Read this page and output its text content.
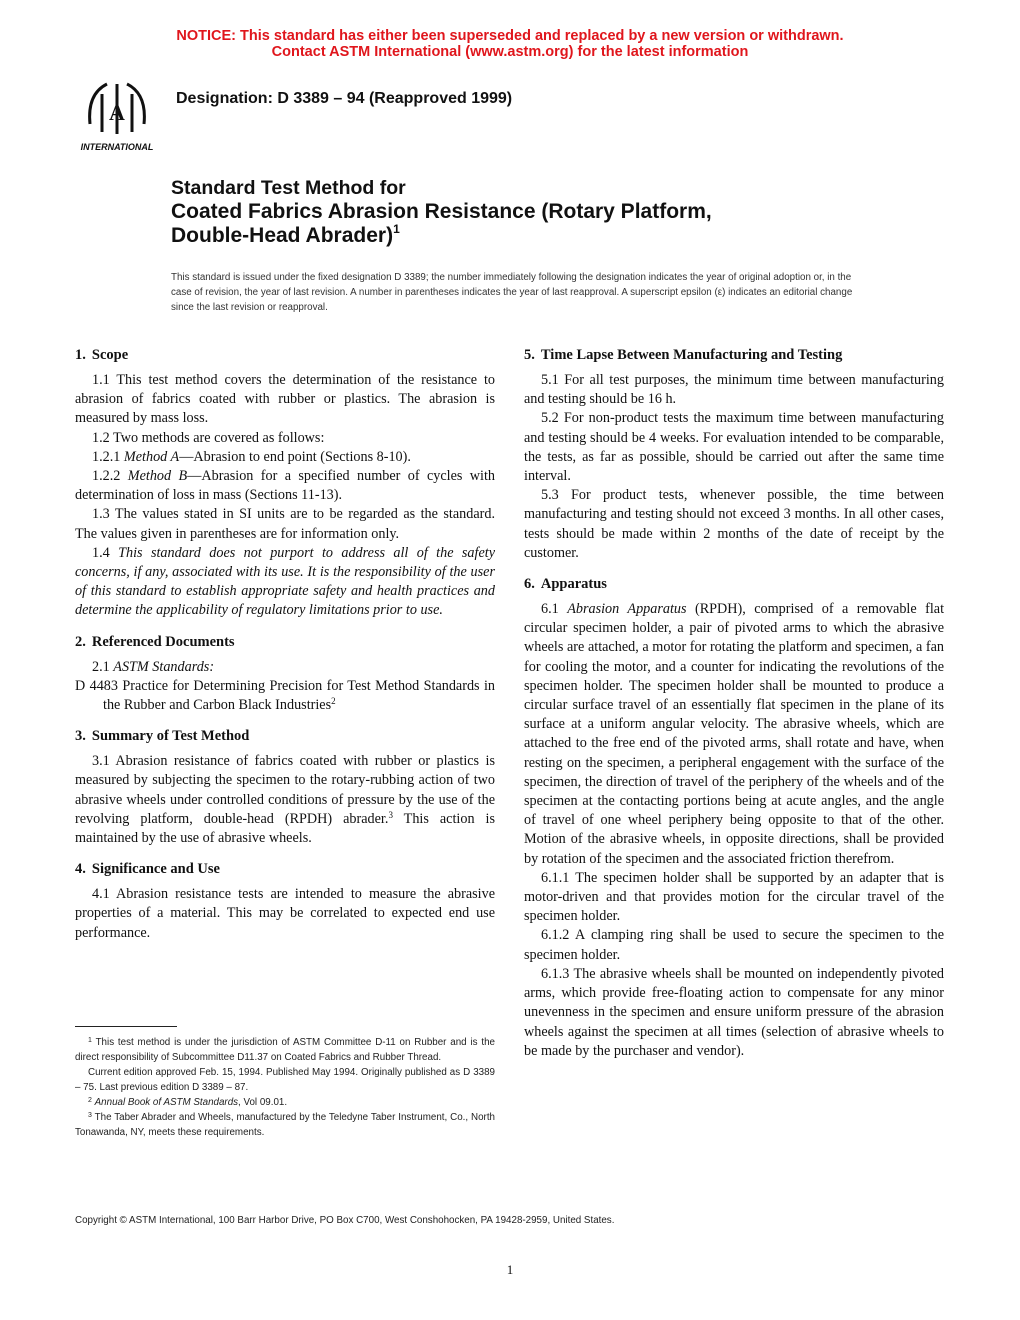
NOTICE: This standard has either been superseded and replaced by a new version or withdrawn.
Contact ASTM International (www.astm.org) for the latest information
A
INTERNATIONAL
Designation: D 3389 – 94 (Reapproved 1999)
Standard Test Method for
Coated Fabrics Abrasion Resistance (Rotary Platform,
Double-Head Abrader)$^1$
This standard is issued under the fixed designation D 3389; the number immediately following the designation indicates the year of original adoption or, in the case of revision, the year of last revision. A number in parentheses indicates the year of last reapproval. A superscript epsilon (ε) indicates an editorial change since the last revision or reapproval.
1. Scope

1.1 This test method covers the determination of the resistance to abrasion of fabrics coated with rubber or plastics. The abrasion is measured by mass loss.

1.2 Two methods are covered as follows:

1.2.1 Method A—Abrasion to end point (Sections 8-10).

1.2.2 Method B—Abrasion for a specified number of cycles with determination of loss in mass (Sections 11-13).

1.3 The values stated in SI units are to be regarded as the standard. The values given in parentheses are for information only.

1.4 This standard does not purport to address all of the safety concerns, if any, associated with its use. It is the responsibility of the user of this standard to establish appropriate safety and health practices and determine the applicability of regulatory limitations prior to use.

2. Referenced Documents

2.1 ASTM Standards:

D 4483 Practice for Determining Precision for Test Method Standards in the Rubber and Carbon Black Industries$^2$

3. Summary of Test Method

3.1 Abrasion resistance of fabrics coated with rubber or plastics is measured by subjecting the specimen to the rotary-rubbing action of two abrasive wheels under controlled conditions of pressure by the use of the revolving platform, double-head (RPDH) abrader.$^3$ This action is maintained by the use of abrasive wheels.

4. Significance and Use

4.1 Abrasion resistance tests are intended to measure the abrasive properties of a material. This may be correlated to expected end use performance.

5. Time Lapse Between Manufacturing and Testing

5.1 For all test purposes, the minimum time between manufacturing and testing should be 16 h.

5.2 For non-product tests the maximum time between manufacturing and testing should be 4 weeks. For evaluation intended to be comparable, the tests, as far as possible, should be carried out after the same time interval.

5.3 For product tests, whenever possible, the time between manufacturing and testing should not exceed 3 months. In all other cases, tests should be made within 2 months of the date of receipt by the customer.

6. Apparatus

6.1 Abrasion Apparatus (RPDH), comprised of a removable flat circular specimen holder, a pair of pivoted arms to which the abrasive wheels are attached, a motor for rotating the platform and specimen, a fan for cooling the motor, and a counter for indicating the revolutions of the specimen holder. The specimen holder shall be mounted to produce a circular surface travel of an essentially flat specimen in the plane of its surface at a uniform angular velocity. The abrasive wheels, which are attached to the free end of the pivoted arms, shall rotate and have, when resting on the specimen, a peripheral engagement with the surface of the specimen, the direction of travel of the periphery of the wheels and of the specimen at the contacting portions being at acute angles, and the angle of travel of one wheel periphery being opposite to that of the other. Motion of the abrasive wheels, in opposite directions, shall be provided by rotation of the specimen and the associated friction therefrom.

6.1.1 The specimen holder shall be supported by an adapter that is motor-driven and that provides motion for the circular travel of the specimen holder.

6.1.2 A clamping ring shall be used to secure the specimen to the specimen holder.

6.1.3 The abrasive wheels shall be mounted on independently pivoted arms, which provide free-floating action to compensate for any minor unevenness in the specimen and ensure uniform pressure of the abrasion wheels against the specimen at all times (selection of abrasive wheels to be made by the purchaser and vendor).

$^1$ This test method is under the jurisdiction of ASTM Committee D-11 on Rubber and is the direct responsibility of Subcommittee D11.37 on Coated Fabrics and Rubber Thread.

Current edition approved Feb. 15, 1994. Published May 1994. Originally published as D 3389 – 75. Last previous edition D 3389 – 87.

$^2$ Annual Book of ASTM Standards, Vol 09.01.

$^3$ The Taber Abrader and Wheels, manufactured by the Teledyne Taber Instrument, Co., North Tonawanda, NY, meets these requirements.

Copyright © ASTM International, 100 Barr Harbor Drive, PO Box C700, West Conshohocken, PA 19428-2959, United States.
1
